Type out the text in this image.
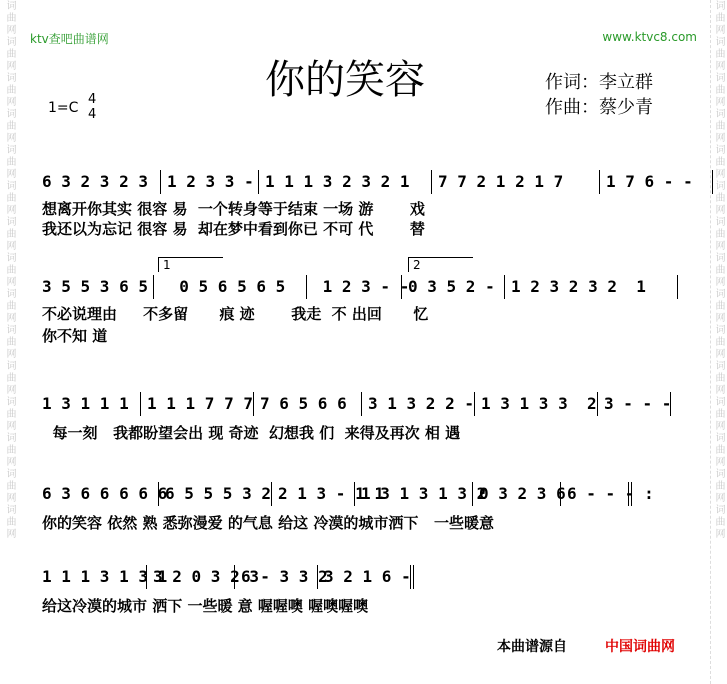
词曲网词曲网词曲网词曲网词曲网词曲网词曲网词曲网词曲网词曲网词曲网词曲网词曲网词曲网词曲网	词曲网词曲网词曲网词曲网词曲网词曲网词曲网词曲网词曲网词曲网词曲网词曲网词曲网词曲网词曲网
ktv查吧曲谱网	www.ktvc8.com
你的笑容	作词：李立群
作曲：蔡少青
1=C
4
4
6 3 2 3 2 3	1 2 3 3 - 1 1 1 3 2 3 2 1	7 7 2 1 2 1 7	1 7 6 - -
想离开你其实 很容 易  一个转身等于结束 一场 游       戏
我还以为忘记 很容 易  却在梦中看到你已 不可 代       替
1	2
3 5 5 3 6 5 0 5 6 5 6 5 1 2 3 - -
0 3 5 2 -	1 2 3 2 3 2  1
不必说理由     不多留      痕 迹       我走  不 出回      忆
你不知 道
1 3 1 1 1	1 1 1 7 7 7 7 6 5 6 6	3 1 3 2 2 - 1 3 1 3 3  2 3 - - -
每一刻   我都盼望会出 现 奇迹  幻想我 们  来得及再次 相 遇
6 3 6 6 6 6 6
6 5 5 5 3 2 2 1 3 - 1 1
1 3 1 3 1 3 2
0 3 2 3 6 6 - - - :
你的笑容 依然 熟 悉弥漫爱 的气息 给这 冷漠的城市洒下   一些暖意
1 1 1 3 1 3 1
3 2 0 3 2 3
6 - 3 3 2
3 2 1 6 -
给这冷漠的城市 洒下 一些暖 意 喔喔噢 喔噢喔噢
本曲谱源自	中国词曲网
